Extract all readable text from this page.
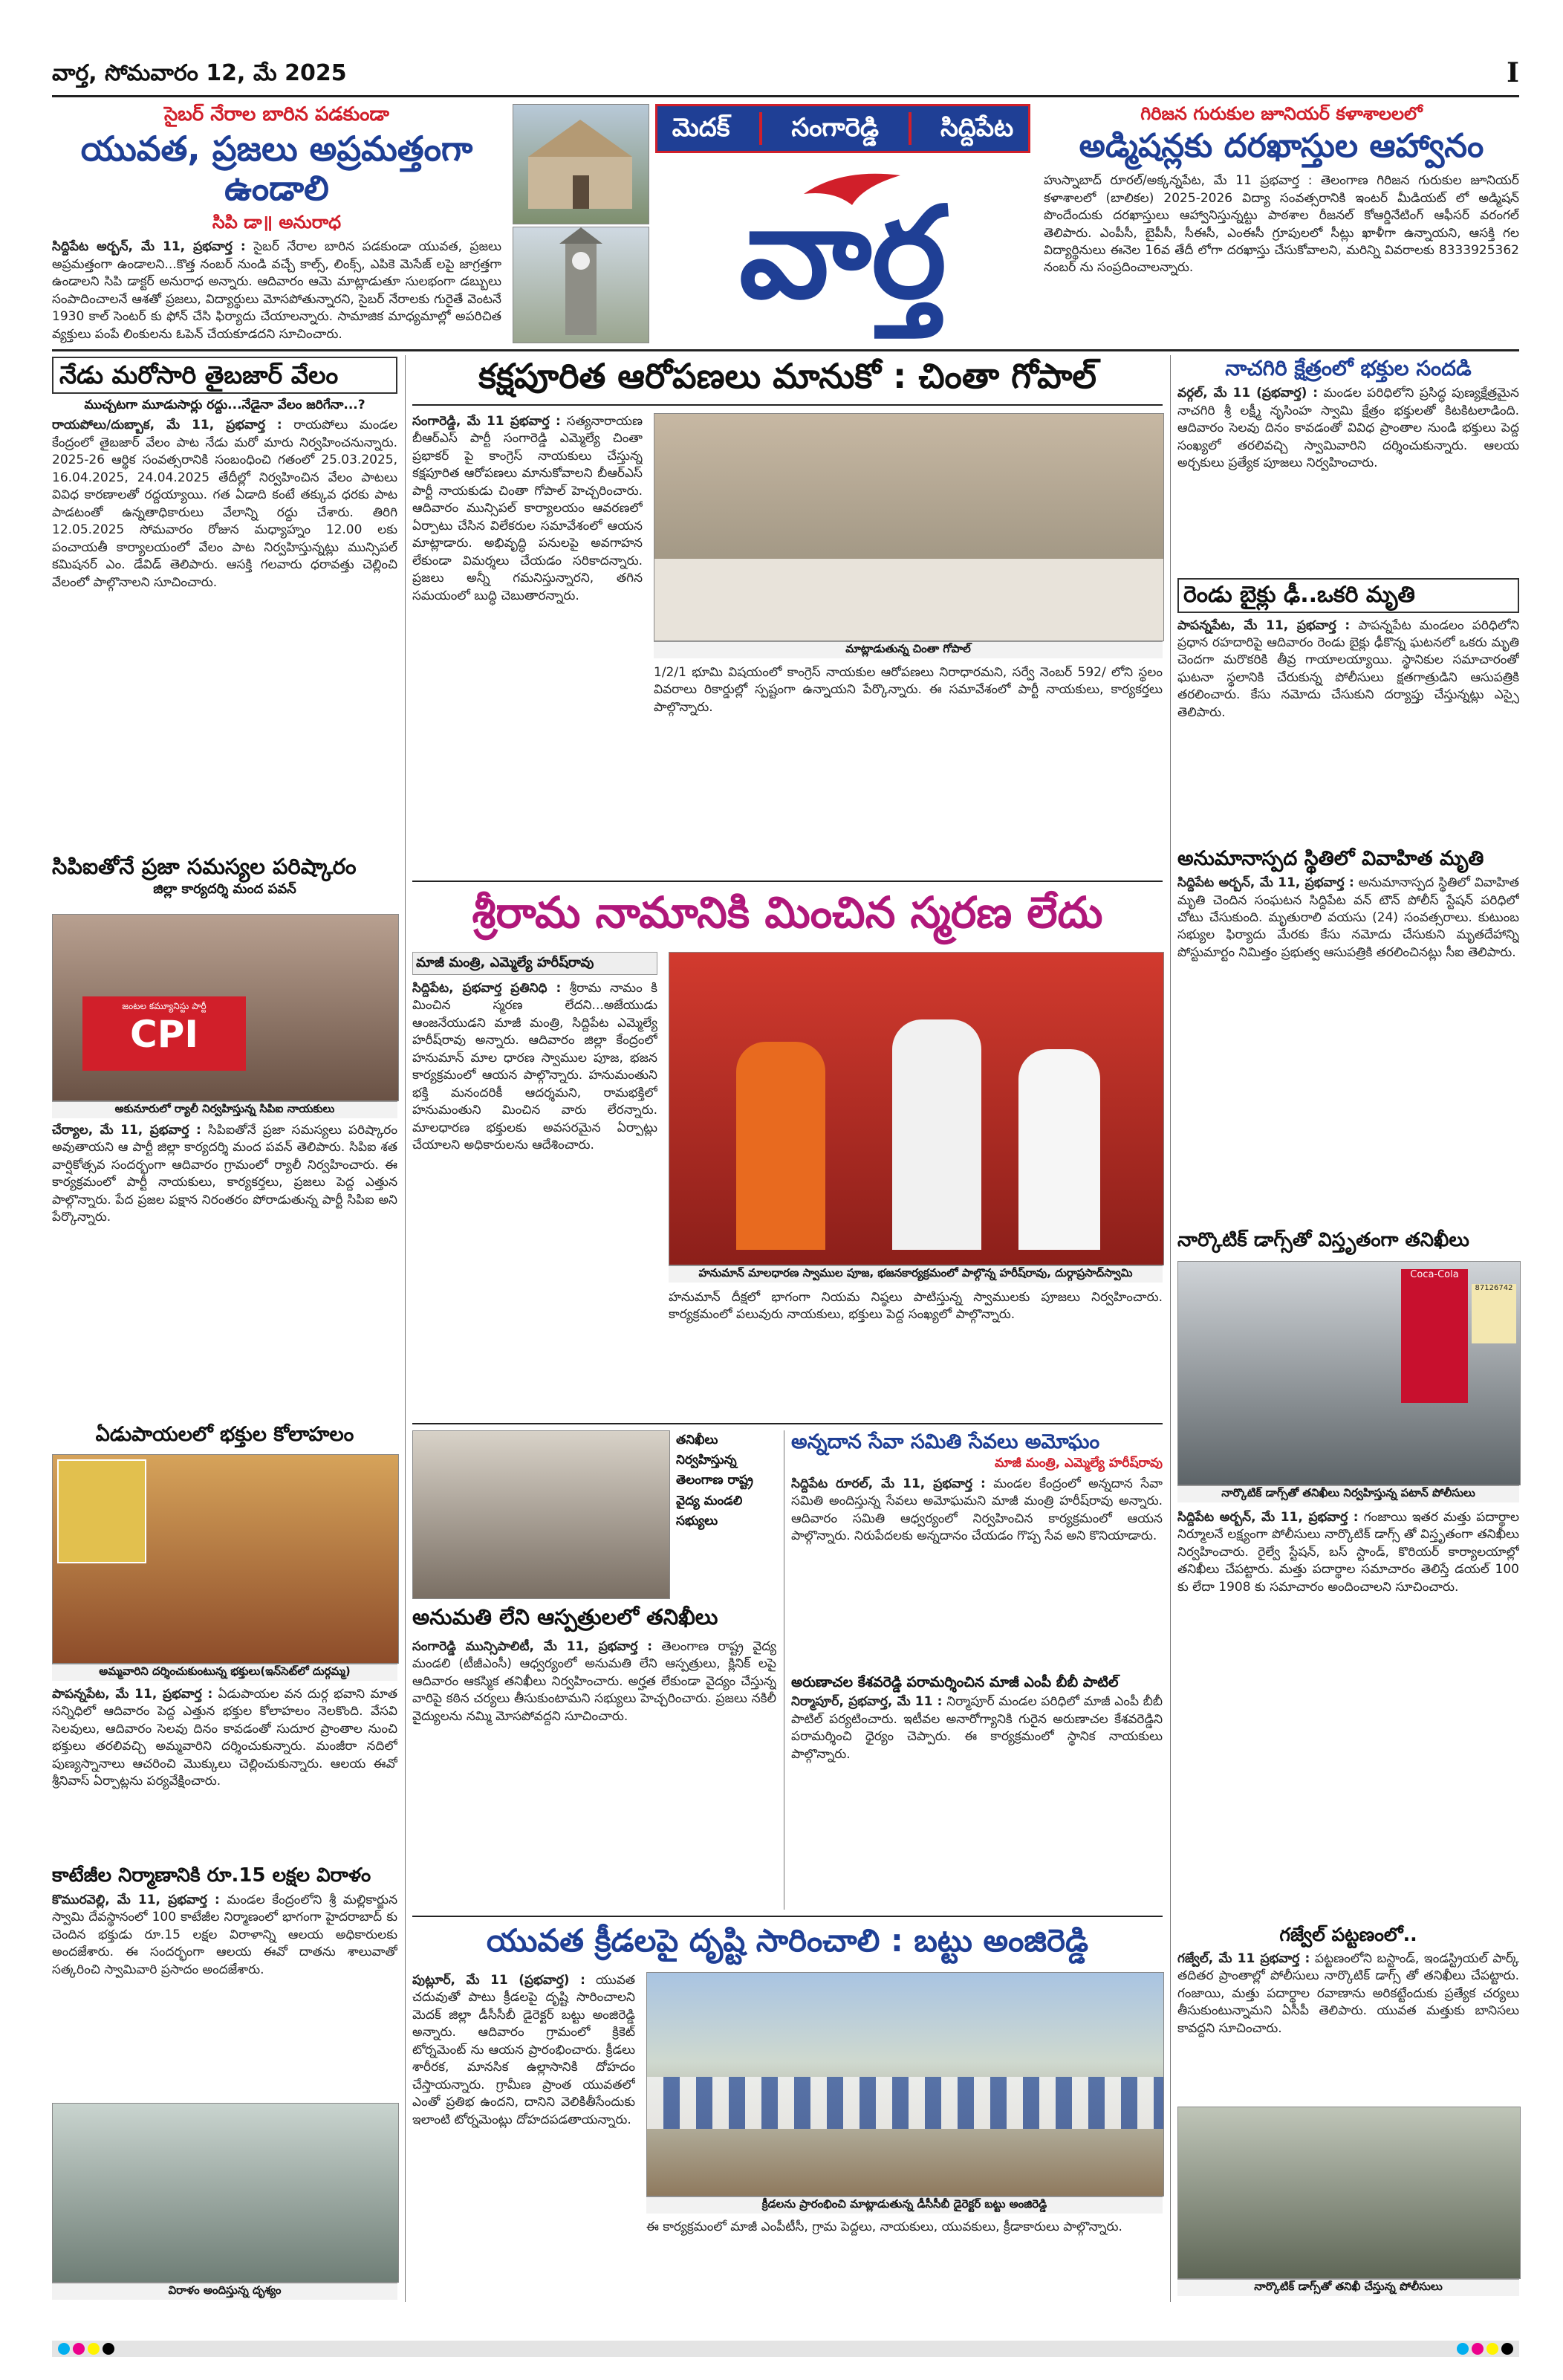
వార్త, సోమవారం 12, మే 2025	I
సైబర్ నేరాల బారిన పడకుండా
యువత, ప్రజలు అప్రమత్తంగా ఉండాలి
సిపి డా॥ అనురాధ
సిద్దిపేట అర్బన్, మే 11, ప్రభవార్త : సైబర్ నేరాల బారిన పడకుండా యువత, ప్రజలు అప్రమత్తంగా ఉండాలని...కొత్త నంబర్ నుండి వచ్చే కాల్స్, లింక్స్, ఎపికె మెసేజ్ లపై జాగ్రత్తగా ఉండాలని సిపి డాక్టర్ అనురాధ అన్నారు. ఆదివారం ఆమె మాట్లాడుతూ సులభంగా డబ్బులు సంపాదించాలనే ఆశతో ప్రజలు, విద్యార్థులు మోసపోతున్నారని, సైబర్ నేరాలకు గురైతే వెంటనే 1930 కాల్ సెంటర్ కు ఫోన్ చేసి ఫిర్యాదు చేయాలన్నారు. సామాజిక మాధ్యమాల్లో అపరిచిత వ్యక్తులు పంపే లింకులను ఓపెన్ చేయకూడదని సూచించారు.
మెదక్ సంగారెడ్డి సిద్దిపేట
వార్త
గిరిజన గురుకుల జూనియర్ కళాశాలలలో
అడ్మిషన్లకు దరఖాస్తుల ఆహ్వానం
హుస్నాబాద్ రూరల్/అక్కన్నపేట, మే 11 ప్రభవార్త : తెలంగాణ గిరిజన గురుకుల జూనియర్ కళాశాలలో (బాలికల) 2025-2026 విద్యా సంవత్సరానికి ఇంటర్ మీడియట్ లో అడ్మిషన్ పొందేందుకు దరఖాస్తులు ఆహ్వానిస్తున్నట్టు పాఠశాల రీజనల్ కోఆర్డినేటింగ్ ఆఫీసర్ వరంగల్ తెలిపారు. ఎంపీసీ, బైపీసీ, సీఈసీ, ఎంఈసీ గ్రూపులలో సీట్లు ఖాళీగా ఉన్నాయని, ఆసక్తి గల విద్యార్థినులు ఈనెల 16వ తేదీ లోగా దరఖాస్తు చేసుకోవాలని, మరిన్ని వివరాలకు 8333925362 నంబర్ ను సంప్రదించాలన్నారు.
నేడు మరోసారి తైబజార్ వేలం
ముచ్చటగా మూడుసార్లు రద్దు...నేడైనా వేలం జరిగేనా...?
రాయపోలు/దుబ్బాక, మే 11, ప్రభవార్త : రాయపోలు మండల కేంద్రంలో తైబజార్ వేలం పాట నేడు మరో మారు నిర్వహించనున్నారు. 2025-26 ఆర్థిక సంవత్సరానికి సంబంధించి గతంలో 25.03.2025, 16.04.2025, 24.04.2025 తేదీల్లో నిర్వహించిన వేలం పాటలు వివిధ కారణాలతో రద్దయ్యాయి. గత ఏడాది కంటే తక్కువ ధరకు పాట పాడటంతో ఉన్నతాధికారులు వేలాన్ని రద్దు చేశారు. తిరిగి 12.05.2025 సోమవారం రోజున మధ్యాహ్నం 12.00 లకు పంచాయతీ కార్యాలయంలో వేలం పాట నిర్వహిస్తున్నట్లు మున్సిపల్ కమిషనర్ ఎం. డేవిడ్ తెలిపారు. ఆసక్తి గలవారు ధరావత్తు చెల్లించి వేలంలో పాల్గొనాలని సూచించారు.
సిపిఐతోనే ప్రజా సమస్యల పరిష్కారం
జిల్లా కార్యదర్శి మంద పవన్
జంటల కమ్యూనిస్టు పార్టీ
CPI
అకునూరులో ర్యాలీ నిర్వహిస్తున్న సిపిఐ నాయకులు
చేర్యాల, మే 11, ప్రభవార్త : సిపిఐతోనే ప్రజా సమస్యలు పరిష్కారం అవుతాయని ఆ పార్టీ జిల్లా కార్యదర్శి మంద పవన్ తెలిపారు. సిపిఐ శత వార్షికోత్సవ సందర్భంగా ఆదివారం గ్రామంలో ర్యాలీ నిర్వహించారు. ఈ కార్యక్రమంలో పార్టీ నాయకులు, కార్యకర్తలు, ప్రజలు పెద్ద ఎత్తున పాల్గొన్నారు. పేద ప్రజల పక్షాన నిరంతరం పోరాడుతున్న పార్టీ సిపిఐ అని పేర్కొన్నారు.
ఏడుపాయలలో భక్తుల కోలాహలం
అమ్మవారిని దర్శించుకుంటున్న భక్తులు(ఇన్‌సెట్‌లో దుర్గమ్మ)
పాపన్నపేట, మే 11, ప్రభవార్త : ఏడుపాయల వన దుర్గ భవాని మాత సన్నిధిలో ఆదివారం పెద్ద ఎత్తున భక్తుల కోలాహలం నెలకొంది. వేసవి సెలవులు, ఆదివారం సెలవు దినం కావడంతో సుదూర ప్రాంతాల నుంచి భక్తులు తరలివచ్చి అమ్మవారిని దర్శించుకున్నారు. మంజీరా నదిలో పుణ్యస్నానాలు ఆచరించి మొక్కులు చెల్లించుకున్నారు. ఆలయ ఈవో శ్రీనివాస్ ఏర్పాట్లను పర్యవేక్షించారు.
కాటేజీల నిర్మాణానికి రూ.15 లక్షల విరాళం
కొమురవెల్లి, మే 11, ప్రభవార్త : మండల కేంద్రంలోని శ్రీ మల్లికార్జున స్వామి దేవస్థానంలో 100 కాటేజీల నిర్మాణంలో భాగంగా హైదరాబాద్ కు చెందిన భక్తుడు రూ.15 లక్షల విరాళాన్ని ఆలయ అధికారులకు అందజేశారు. ఈ సందర్భంగా ఆలయ ఈవో దాతను శాలువాతో సత్కరించి స్వామివారి ప్రసాదం అందజేశారు.
విరాళం అందిస్తున్న దృశ్యం
కక్షపూరిత ఆరోపణలు మానుకో : చింతా గోపాల్
సంగారెడ్డి, మే 11 ప్రభవార్త : సత్యనారాయణ బీఆర్ఎస్ పార్టీ సంగారెడ్డి ఎమ్మెల్యే చింతా ప్రభాకర్ పై కాంగ్రెస్ నాయకులు చేస్తున్న కక్షపూరిత ఆరోపణలు మానుకోవాలని బీఆర్ఎస్ పార్టీ నాయకుడు చింతా గోపాల్ హెచ్చరించారు. ఆదివారం మున్సిపల్ కార్యాలయం ఆవరణలో ఏర్పాటు చేసిన విలేకరుల సమావేశంలో ఆయన మాట్లాడారు. అభివృద్ధి పనులపై అవగాహన లేకుండా విమర్శలు చేయడం సరికాదన్నారు. ప్రజలు అన్నీ గమనిస్తున్నారని, తగిన సమయంలో బుద్ధి చెబుతారన్నారు.
మాట్లాడుతున్న చింతా గోపాల్
1/2/1 భూమి విషయంలో కాంగ్రెస్ నాయకుల ఆరోపణలు నిరాధారమని, సర్వే నెంబర్ 592/ లోని స్థలం వివరాలు రికార్డుల్లో స్పష్టంగా ఉన్నాయని పేర్కొన్నారు. ఈ సమావేశంలో పార్టీ నాయకులు, కార్యకర్తలు పాల్గొన్నారు.
శ్రీరామ నామానికి మించిన స్మరణ లేదు
మాజీ మంత్రి, ఎమ్మెల్యే హరీష్‌రావు
సిద్దిపేట, ప్రభవార్త ప్రతినిధి : శ్రీరామ నామం కి మించిన స్మరణ లేదని...అజేయుడు ఆంజనేయుడని మాజీ మంత్రి, సిద్దిపేట ఎమ్మెల్యే హరీష్‌రావు అన్నారు. ఆదివారం జిల్లా కేంద్రంలో హనుమాన్ మాల ధారణ స్వాముల పూజ, భజన కార్యక్రమంలో ఆయన పాల్గొన్నారు. హనుమంతుని భక్తి మనందరికీ ఆదర్శమని, రామభక్తిలో హనుమంతుని మించిన వారు లేరన్నారు. మాలధారణ భక్తులకు అవసరమైన ఏర్పాట్లు చేయాలని అధికారులను ఆదేశించారు.
హనుమాన్ మాలధారణ స్వాముల పూజ, భజనకార్యక్రమంలో పాల్గొన్న హరీష్‌రావు, దుర్గాప్రసాద్‌స్వామి
హనుమాన్ దీక్షలో భాగంగా నియమ నిష్ఠలు పాటిస్తున్న స్వాములకు పూజలు నిర్వహించారు. కార్యక్రమంలో పలువురు నాయకులు, భక్తులు పెద్ద సంఖ్యలో పాల్గొన్నారు.
తనిఖీలు నిర్వహిస్తున్న తెలంగాణ రాష్ట్ర వైద్య మండలి సభ్యులు
అనుమతి లేని ఆస్పత్రులలో తనిఖీలు
సంగారెడ్డి మున్సిపాలిటీ, మే 11, ప్రభవార్త : తెలంగాణ రాష్ట్ర వైద్య మండలి (టీజీఎంసీ) ఆధ్వర్యంలో అనుమతి లేని ఆస్పత్రులు, క్లినిక్ లపై ఆదివారం ఆకస్మిక తనిఖీలు నిర్వహించారు. అర్హత లేకుండా వైద్యం చేస్తున్న వారిపై కఠిన చర్యలు తీసుకుంటామని సభ్యులు హెచ్చరించారు. ప్రజలు నకిలీ వైద్యులను నమ్మి మోసపోవద్దని సూచించారు.
అన్నదాన సేవా సమితి సేవలు అమోఘం
మాజీ మంత్రి, ఎమ్మెల్యే హరీష్‌రావు
సిద్దిపేట రూరల్, మే 11, ప్రభవార్త : మండల కేంద్రంలో అన్నదాన సేవా సమితి అందిస్తున్న సేవలు అమోఘమని మాజీ మంత్రి హరీష్‌రావు అన్నారు. ఆదివారం సమితి ఆధ్వర్యంలో నిర్వహించిన కార్యక్రమంలో ఆయన పాల్గొన్నారు. నిరుపేదలకు అన్నదానం చేయడం గొప్ప సేవ అని కొనియాడారు.
అరుణాచల కేశవరెడ్డి పరామర్శించిన మాజీ ఎంపీ బీబీ పాటిల్
నిర్మాపూర్, ప్రభవార్త, మే 11 : నిర్మాపూర్ మండల పరిధిలో మాజీ ఎంపీ బీబీ పాటిల్ పర్యటించారు. ఇటీవల అనారోగ్యానికి గురైన అరుణాచల కేశవరెడ్డిని పరామర్శించి ధైర్యం చెప్పారు. ఈ కార్యక్రమంలో స్థానిక నాయకులు పాల్గొన్నారు.
యువత క్రీడలపై దృష్టి సారించాలి : బట్టు అంజిరెడ్డి
పుట్లూర్, మే 11 (ప్రభవార్త) : యువత చదువుతో పాటు క్రీడలపై దృష్టి సారించాలని మెదక్ జిల్లా డీసీసీబీ డైరెక్టర్ బట్టు అంజిరెడ్డి అన్నారు. ఆదివారం గ్రామంలో క్రికెట్ టోర్నమెంట్ ను ఆయన ప్రారంభించారు. క్రీడలు శారీరక, మానసిక ఉల్లాసానికి దోహదం చేస్తాయన్నారు. గ్రామీణ ప్రాంత యువతలో ఎంతో ప్రతిభ ఉందని, దానిని వెలికితీసేందుకు ఇలాంటి టోర్నమెంట్లు దోహదపడతాయన్నారు.
క్రీడలను ప్రారంభించి మాట్లాడుతున్న డీసీసీబీ డైరెక్టర్ బట్టు అంజిరెడ్డి
ఈ కార్యక్రమంలో మాజీ ఎంపీటీసీ, గ్రామ పెద్దలు, నాయకులు, యువకులు, క్రీడాకారులు పాల్గొన్నారు.
నాచగిరి క్షేత్రంలో భక్తుల సందడి
వర్గల్, మే 11 (ప్రభవార్త) : మండల పరిధిలోని ప్రసిద్ధ పుణ్యక్షేత్రమైన నాచగిరి శ్రీ లక్ష్మీ నృసింహ స్వామి క్షేత్రం భక్తులతో కిటకిటలాడింది. ఆదివారం సెలవు దినం కావడంతో వివిధ ప్రాంతాల నుండి భక్తులు పెద్ద సంఖ్యలో తరలివచ్చి స్వామివారిని దర్శించుకున్నారు. ఆలయ అర్చకులు ప్రత్యేక పూజలు నిర్వహించారు.
రెండు బైక్లు ఢీ..ఒకరి మృతి
పాపన్నపేట, మే 11, ప్రభవార్త : పాపన్నపేట మండలం పరిధిలోని ప్రధాన రహదారిపై ఆదివారం రెండు బైక్లు ఢీకొన్న ఘటనలో ఒకరు మృతి చెందగా మరొకరికి తీవ్ర గాయాలయ్యాయి. స్థానికుల సమాచారంతో ఘటనా స్థలానికి చేరుకున్న పోలీసులు క్షతగాత్రుడిని ఆసుపత్రికి తరలించారు. కేసు నమోదు చేసుకుని దర్యాప్తు చేస్తున్నట్లు ఎస్సై తెలిపారు.
అనుమానాస్పద స్థితిలో వివాహిత మృతి
సిద్దిపేట అర్బన్, మే 11, ప్రభవార్త : అనుమానాస్పద స్థితిలో వివాహిత మృతి చెందిన సంఘటన సిద్దిపేట వన్ టౌన్ పోలీస్ స్టేషన్ పరిధిలో చోటు చేసుకుంది. మృతురాలి వయసు (24) సంవత్సరాలు. కుటుంబ సభ్యుల ఫిర్యాదు మేరకు కేసు నమోదు చేసుకుని మృతదేహాన్ని పోస్టుమార్టం నిమిత్తం ప్రభుత్వ ఆసుపత్రికి తరలించినట్లు సీఐ తెలిపారు.
నార్కొటిక్ డాగ్స్‌తో విస్తృతంగా తనిఖీలు
Coca-Cola
87126742
నార్కొటిక్ డాగ్స్‌తో తనిఖీలు నిర్వహిస్తున్న పటాన్ పోలీసులు
సిద్దిపేట అర్బన్, మే 11, ప్రభవార్త : గంజాయి ఇతర మత్తు పదార్థాల నిర్మూలనే లక్ష్యంగా పోలీసులు నార్కొటిక్ డాగ్స్ తో విస్తృతంగా తనిఖీలు నిర్వహించారు. రైల్వే స్టేషన్, బస్ స్టాండ్, కొరియర్ కార్యాలయాల్లో తనిఖీలు చేపట్టారు. మత్తు పదార్థాల సమాచారం తెలిస్తే డయల్ 100 కు లేదా 1908 కు సమాచారం అందించాలని సూచించారు.
గజ్వేల్ పట్టణంలో..
గజ్వేల్, మే 11 ప్రభవార్త : పట్టణంలోని బస్టాండ్, ఇండస్ట్రియల్ పార్క్ తదితర ప్రాంతాల్లో పోలీసులు నార్కొటిక్ డాగ్స్ తో తనిఖీలు చేపట్టారు. గంజాయి, మత్తు పదార్థాల రవాణాను అరికట్టేందుకు ప్రత్యేక చర్యలు తీసుకుంటున్నామని ఏసీపీ తెలిపారు. యువత మత్తుకు బానిసలు కావద్దని సూచించారు.
నార్కొటిక్ డాగ్స్‌తో తనిఖీ చేస్తున్న పోలీసులు
